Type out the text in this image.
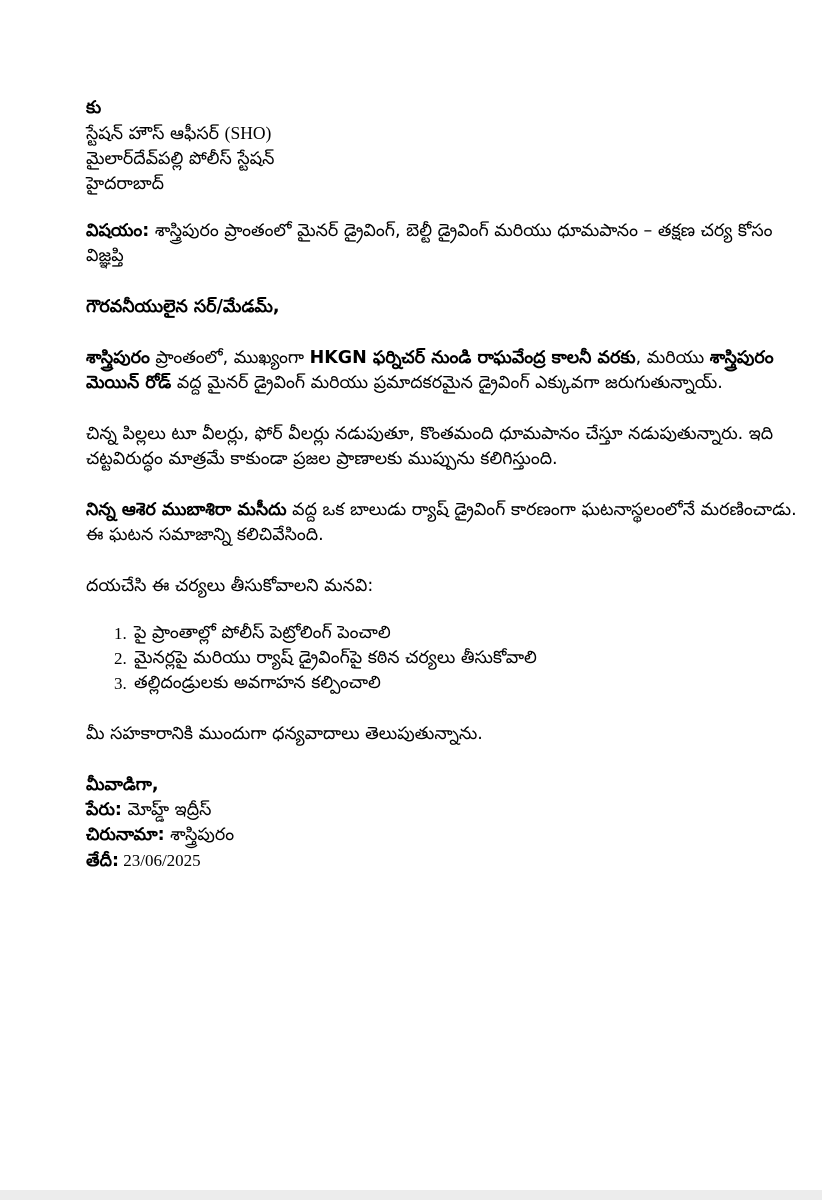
కు
స్టేషన్ హౌస్ ఆఫీసర్ (SHO)
మైలార్‌దేవ్‌పల్లి పోలీస్ స్టేషన్
హైదరాబాద్
విషయం: శాస్త్రిపురం ప్రాంతంలో మైనర్ డ్రైవింగ్, బెల్టీ డ్రైవింగ్ మరియు ధూమపానం – తక్షణ చర్య కోసం విజ్ఞప్తి
గౌరవనీయులైన సర్/మేడమ్,
శాస్త్రిపురం ప్రాంతంలో, ముఖ్యంగా HKGN ఫర్నిచర్ నుండి రాఘవేంద్ర కాలనీ వరకు, మరియు శాస్త్రిపురం మెయిన్ రోడ్ వద్ద మైనర్ డ్రైవింగ్ మరియు ప్రమాదకరమైన డ్రైవింగ్ ఎక్కువగా జరుగుతున్నాయ్.
చిన్న పిల్లలు టూ వీలర్లు, ఫోర్ వీలర్లు నడుపుతూ, కొంతమంది ధూమపానం చేస్తూ నడుపుతున్నారు. ఇది చట్టవిరుద్ధం మాత్రమే కాకుండా ప్రజల ప్రాణాలకు ముప్పును కలిగిస్తుంది.
నిన్న ఆశెర ముబాశిరా మసీదు వద్ద ఒక బాలుడు ర్యాష్ డ్రైవింగ్ కారణంగా ఘటనాస్థలంలోనే మరణించాడు. ఈ ఘటన సమాజాన్ని కలిచివేసింది.
దయచేసి ఈ చర్యలు తీసుకోవాలని మనవి:
1. పై ప్రాంతాల్లో పోలీస్ పెట్రోలింగ్ పెంచాలి
2. మైనర్లపై మరియు ర్యాష్ డ్రైవింగ్‌పై కఠిన చర్యలు తీసుకోవాలి
3. తల్లిదండ్రులకు అవగాహన కల్పించాలి
మీ సహకారానికి ముందుగా ధన్యవాదాలు తెలుపుతున్నాను.
మీవాడిగా,
పేరు: మోహ్డ్ ఇద్రీస్
చిరునామా: శాస్త్రిపురం
తేదీ: 23/06/2025
